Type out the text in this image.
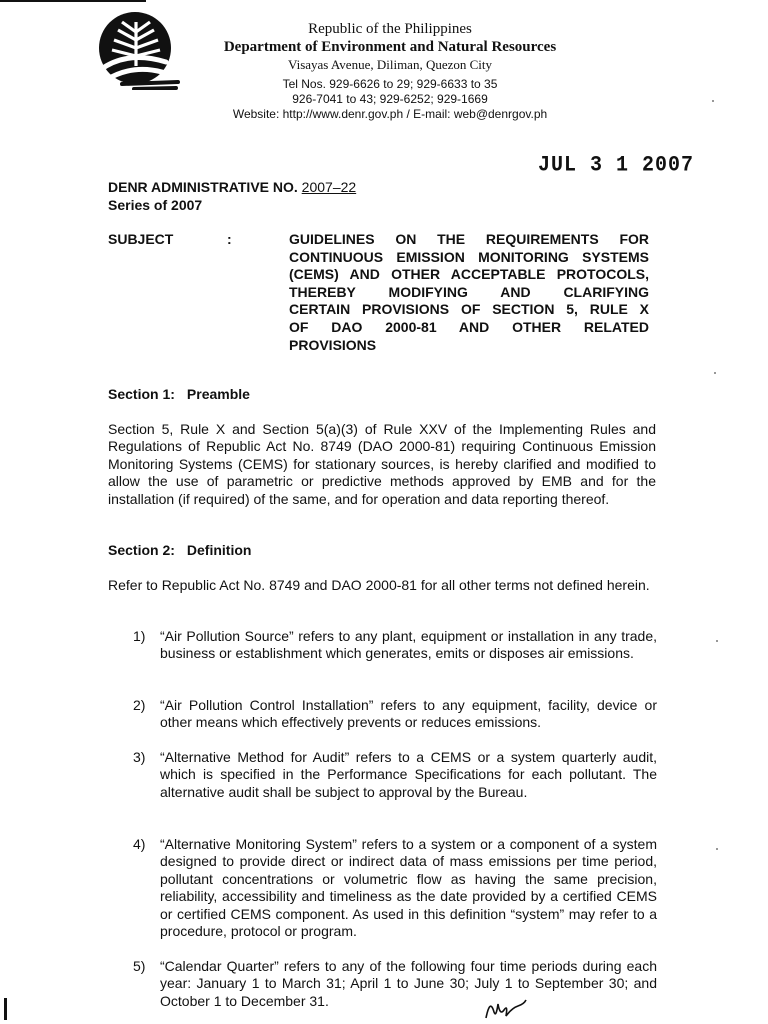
Republic of the Philippines
Department of Environment and Natural Resources
Visayas Avenue, Diliman, Quezon City
Tel Nos. 929-6626 to 29; 929-6633 to 35
926-7041 to 43; 929-6252; 929-1669
Website: http://www.denr.gov.ph / E-mail: web@denrgov.ph
JUL 3 1 2007
DENR ADMINISTRATIVE NO. 2007–22
Series of 2007
SUBJECT	:	GUIDELINES ON THE REQUIREMENTS FOR
CONTINUOUS EMISSION MONITORING SYSTEMS
(CEMS) AND OTHER ACCEPTABLE PROTOCOLS,
THEREBY MODIFYING AND CLARIFYING
CERTAIN PROVISIONS OF SECTION 5, RULE X
OF DAO 2000-81 AND OTHER RELATED
PROVISIONS
Section 1: Preamble
Section 5, Rule X and Section 5(a)(3) of Rule XXV of the Implementing Rules and Regulations of Republic Act No. 8749 (DAO 2000-81) requiring Continuous Emission Monitoring Systems (CEMS) for stationary sources, is hereby clarified and modified to allow the use of parametric or predictive methods approved by EMB and for the installation (if required) of the same, and for operation and data reporting thereof.
Section 2: Definition
Refer to Republic Act No. 8749 and DAO 2000-81 for all other terms not defined herein.
1) “Air Pollution Source” refers to any plant, equipment or installation in any trade, business or establishment which generates, emits or disposes air emissions.
2) “Air Pollution Control Installation” refers to any equipment, facility, device or other means which effectively prevents or reduces emissions.
3) “Alternative Method for Audit” refers to a CEMS or a system quarterly audit, which is specified in the Performance Specifications for each pollutant. The alternative audit shall be subject to approval by the Bureau.
4) “Alternative Monitoring System” refers to a system or a component of a system designed to provide direct or indirect data of mass emissions per time period, pollutant concentrations or volumetric flow as having the same precision, reliability, accessibility and timeliness as the date provided by a certified CEMS or certified CEMS component. As used in this definition “system” may refer to a procedure, protocol or program.
5) “Calendar Quarter” refers to any of the following four time periods during each year: January 1 to March 31; April 1 to June 30; July 1 to September 30; and October 1 to December 31.
